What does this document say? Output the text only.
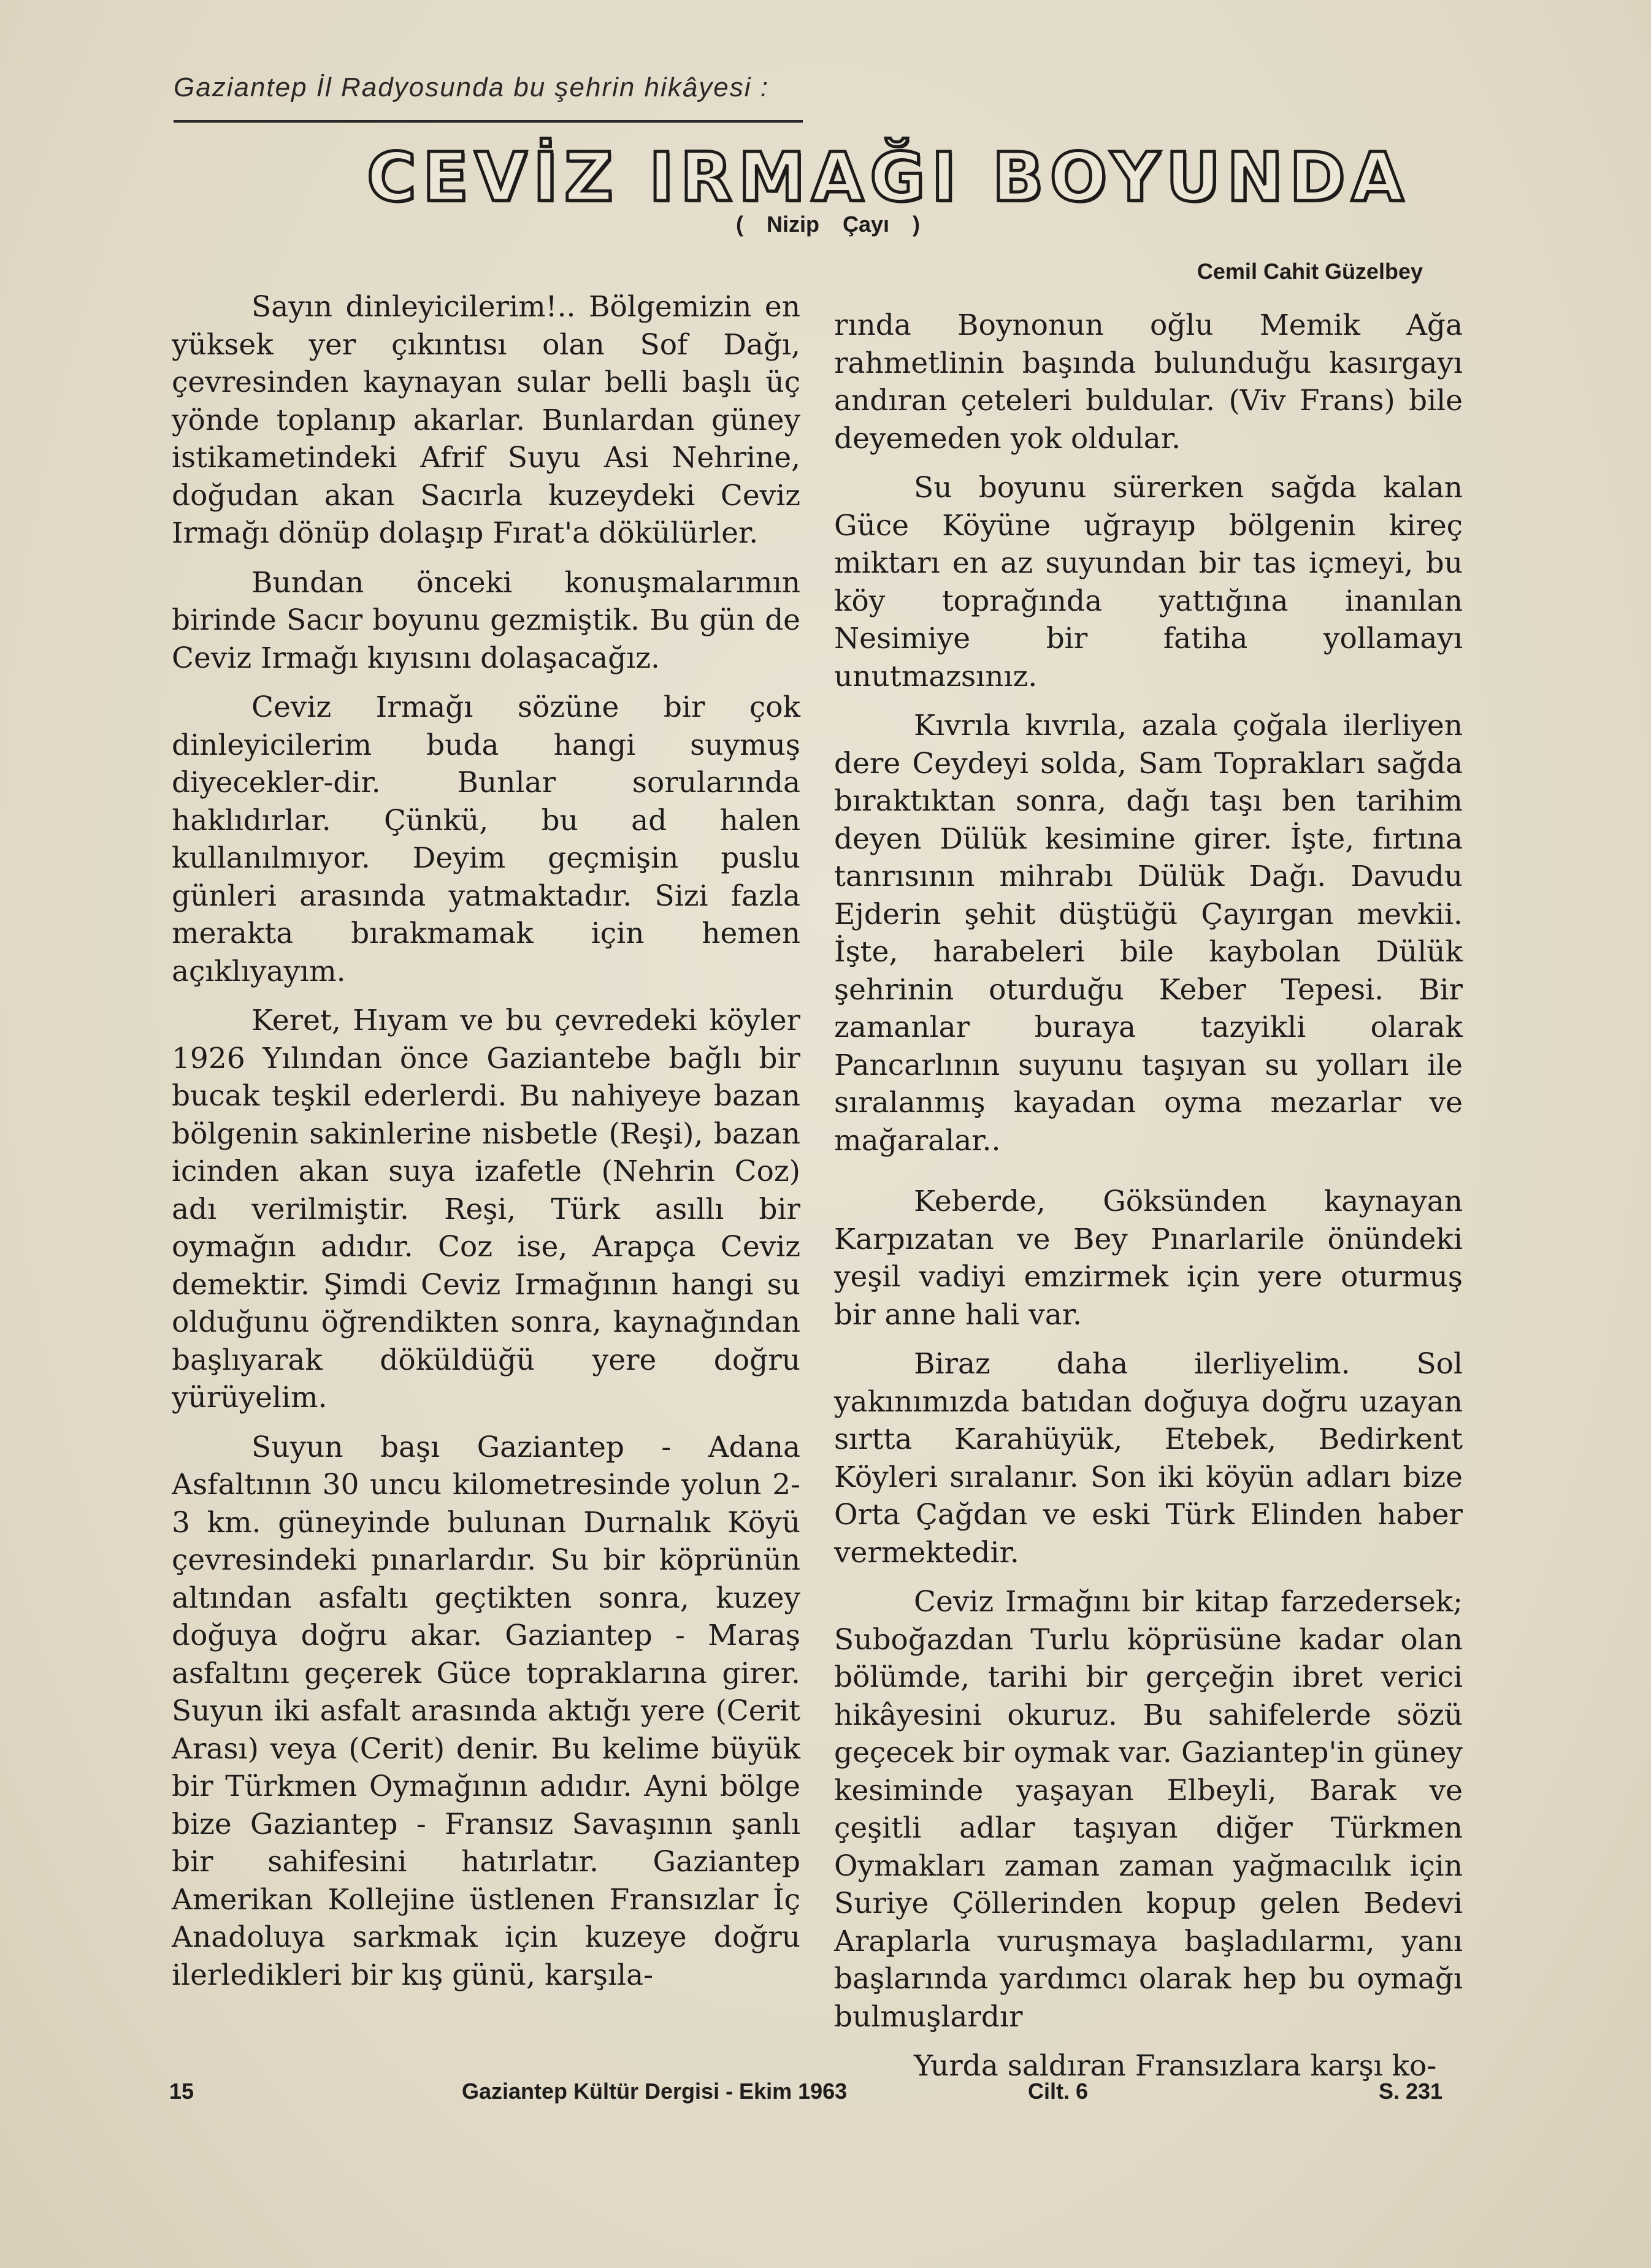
Gaziantep İl Radyosunda bu şehrin hikâyesi :
CEVİZ IRMAĞI BOYUNDA
( Nizip Çayı )
Cemil Cahit Güzelbey

Sayın dinleyicilerim!.. Bölgemizin en yüksek yer çıkıntısı olan Sof Dağı, çevresinden kaynayan sular belli başlı üç yönde toplanıp akarlar. Bunlardan güney istikametindeki Afrif Suyu Asi Nehrine, doğudan akan Sacırla kuzeydeki Ceviz Irmağı dönüp dolaşıp Fırat'a dökülürler.

Bundan önceki konuşmalarımın birinde Sacır boyunu gezmiştik. Bu gün de Ceviz Irmağı kıyısını dolaşacağız.

Ceviz Irmağı sözüne bir çok dinleyicilerim buda hangi suymuş diyecekler-dir. Bunlar sorularında haklıdırlar. Çünkü, bu ad halen kullanılmıyor. Deyim geçmişin puslu günleri arasında yatmaktadır. Sizi fazla merakta bırakmamak için hemen açıklıyayım.

Keret, Hıyam ve bu çevredeki köyler 1926 Yılından önce Gaziantebe bağlı bir bucak teşkil ederlerdi. Bu nahiyeye bazan bölgenin sakinlerine nisbetle (Reşi), bazan icinden akan suya izafetle (Nehrin Coz) adı verilmiştir. Reşi, Türk asıllı bir oymağın adıdır. Coz ise, Arapça Ceviz demektir. Şimdi Ceviz Irmağının hangi su olduğunu öğrendikten sonra, kaynağından başlıyarak döküldüğü yere doğru yürüyelim.

Suyun başı Gaziantep - Adana Asfaltının 30 uncu kilometresinde yolun 2-3 km. güneyinde bulunan Durnalık Köyü çevresindeki pınarlardır. Su bir köprünün altından asfaltı geçtikten sonra, kuzey doğuya doğru akar. Gaziantep - Maraş asfaltını geçerek Güce topraklarına girer. Suyun iki asfalt arasında aktığı yere (Cerit Arası) veya (Cerit) denir. Bu kelime büyük bir Türkmen Oymağının adıdır. Ayni bölge bize Gaziantep - Fransız Savaşının şanlı bir sahifesini hatırlatır. Gaziantep Amerikan Kollejine üstlenen Fransızlar İç Anadoluya sarkmak için kuzeye doğru ilerledikleri bir kış günü, karşıla-

rında Boynonun oğlu Memik Ağa rahmetlinin başında bulunduğu kasırgayı andıran çeteleri buldular. (Viv Frans) bile deyemeden yok oldular.

Su boyunu sürerken sağda kalan Güce Köyüne uğrayıp bölgenin kireç miktarı en az suyundan bir tas içmeyi, bu köy toprağında yattığına inanılan Nesimiye bir fatiha yollamayı unutmazsınız.

Kıvrıla kıvrıla, azala çoğala ilerliyen dere Ceydeyi solda, Sam Toprakları sağda bıraktıktan sonra, dağı taşı ben tarihim deyen Dülük kesimine girer. İşte, fırtına tanrısının mihrabı Dülük Dağı. Davudu Ejderin şehit düştüğü Çayırgan mevkii. İşte, harabeleri bile kaybolan Dülük şehrinin oturduğu Keber Tepesi. Bir zamanlar buraya tazyikli olarak Pancarlının suyunu taşıyan su yolları ile sıralanmış kayadan oyma mezarlar ve mağaralar..

Keberde, Göksünden kaynayan Karpızatan ve Bey Pınarlarile önündeki yeşil vadiyi emzirmek için yere oturmuş bir anne hali var.

Biraz daha ilerliyelim. Sol yakınımızda batıdan doğuya doğru uzayan sırtta Karahüyük, Etebek, Bedirkent Köyleri sıralanır. Son iki köyün adları bize Orta Çağdan ve eski Türk Elinden haber vermektedir.

Ceviz Irmağını bir kitap farzedersek; Suboğazdan Turlu köprüsüne kadar olan bölümde, tarihi bir gerçeğin ibret verici hikâyesini okuruz. Bu sahifelerde sözü geçecek bir oymak var. Gaziantep'in güney kesiminde yaşayan Elbeyli, Barak ve çeşitli adlar taşıyan diğer Türkmen Oymakları zaman zaman yağmacılık için Suriye Çöllerinden kopup gelen Bedevi Araplarla vuruşmaya başladılarmı, yanı başlarında yardımcı olarak hep bu oymağı bulmuşlardır

Yurda saldıran Fransızlara karşı ko-

15	Gaziantep Kültür Dergisi - Ekim 1963	Cilt. 6	S. 231
